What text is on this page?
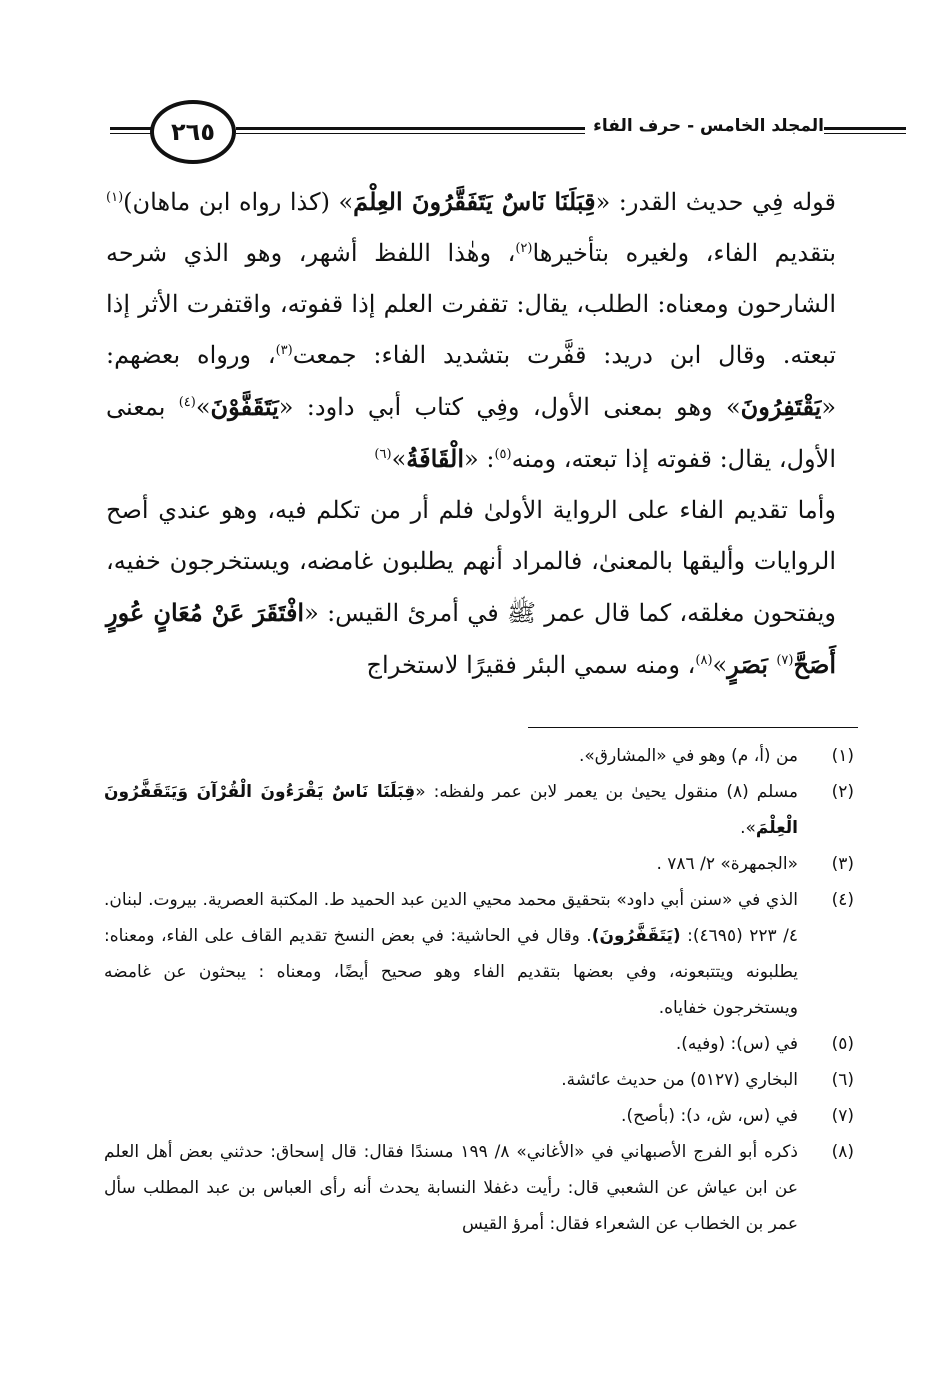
المجلد الخامس - حرف الفاء
٢٦٥

قوله فِي حديث القدر: «قِبَلَنَا نَاسٌ يَتَفَقَّرُونَ العِلْمَ» (كذا رواه ابن ماهان)$^{(١)}$ بتقديم الفاء، ولغيره بتأخيرها$^{(٢)}$، وهٰذا اللفظ أشهر، وهو الذي شرحه الشارحون ومعناه: الطلب، يقال: تقفرت العلم إذا قفوته، واقتفرت الأثر إذا تبعته. وقال ابن دريد: قفَّرت بتشديد الفاء: جمعت$^{(٣)}$، ورواه بعضهم: «يَقْتَفِرُونَ» وهو بمعنى الأول، وفِي كتاب أبي داود: «يَتَقَفَّوْنَ»$^{(٤)}$ بمعنى الأول، يقال: قفوته إذا تبعته، ومنه$^{(٥)}$: «الْقَافَةُ»$^{(٦)}$

وأما تقديم الفاء على الرواية الأولىٰ فلم أر من تكلم فيه، وهو عندي أصح الروايات وأليقها بالمعنىٰ، فالمراد أنهم يطلبون غامضه، ويستخرجون خفيه، ويفتحون مغلقه، كما قال عمر ﷺ في أمرئ القيس: «افْتَقَرَ عَنْ مُعَانٍ عُورٍ أَصَحَّ$^{(٧)}$ بَصَرٍ»$^{(٨)}$، ومنه سمي البئر فقيرًا لاستخراج

(١)
من (أ، م) وهو في «المشارق».
(٢)
مسلم (٨) منقول يحيىٰ بن يعمر لابن عمر ولفظه: «قِبَلَنَا نَاسٌ يَقْرَءُونَ الْقُرْآنَ وَيَتَقَفَّرُونَ الْعِلْمَ».
(٣)
«الجمهرة» ٢/ ٧٨٦ .
(٤)
الذي في «سنن أبي داود» بتحقيق محمد محيي الدين عبد الحميد ط. المكتبة العصرية. بيروت. لبنان. ٤/ ٢٢٣ (٤٦٩٥): (يَتَقَفَّرُونَ). وقال في الحاشية: في بعض النسخ تقديم القاف على الفاء، ومعناه: يطلبونه ويتتبعونه، وفي بعضها بتقديم الفاء وهو صحيح أيضًا، ومعناه : يبحثون عن غامضه ويستخرجون خفاياه.
(٥)
في (س): (وفيه).
(٦)
البخاري (٥١٢٧) من حديث عائشة.
(٧)
في (س، ش، د): (بأصح).
(٨)
ذكره أبو الفرج الأصبهاني في «الأغاني» ٨/ ١٩٩ مسندًا فقال: قال إسحاق: حدثني بعض أهل العلم عن ابن عياش عن الشعبي قال: رأيت دغفلا النسابة يحدث أنه رأى العباس بن عبد المطلب سأل عمر بن الخطاب عن الشعراء فقال: أمرؤ القيس
